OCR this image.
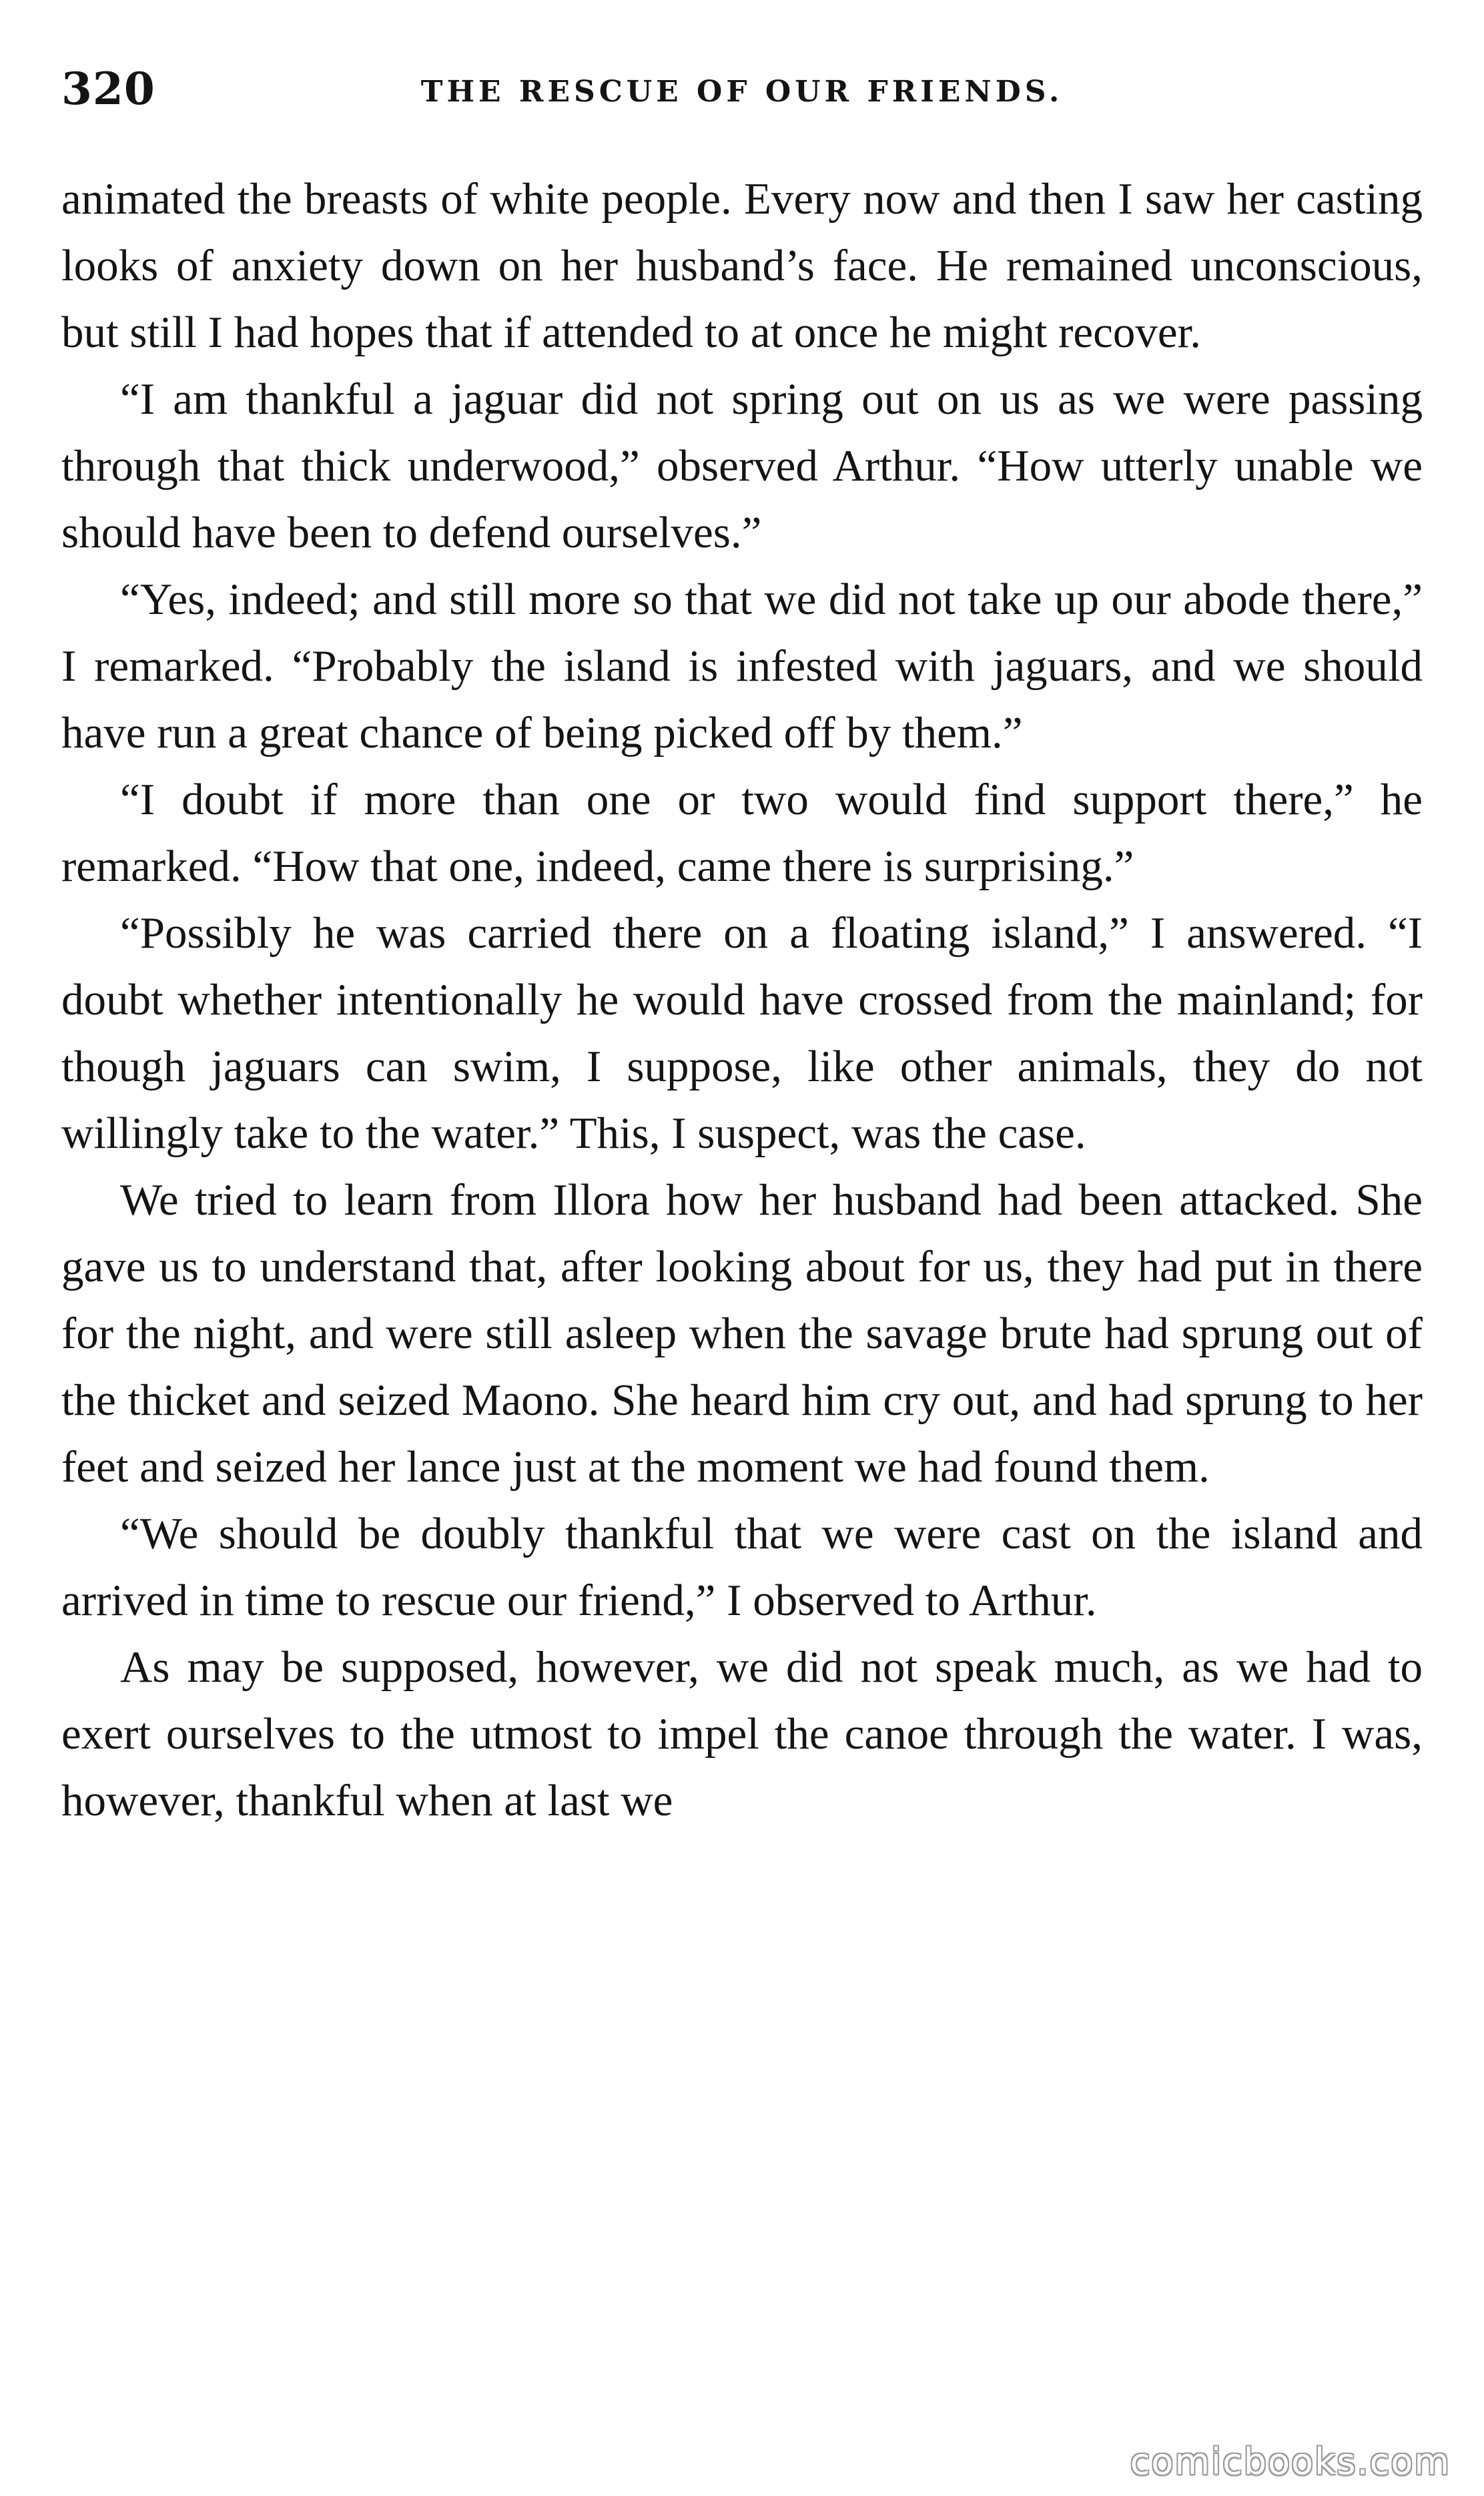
320	THE RESCUE OF OUR FRIENDS.

animated the breasts of white people. Every now and then I saw her casting looks of anxiety down on her husband’s face. He remained unconscious, but still I had hopes that if attended to at once he might recover.

“I am thankful a jaguar did not spring out on us as we were passing through that thick underwood,” observed Arthur. “How utterly unable we should have been to defend ourselves.”

“Yes, indeed; and still more so that we did not take up our abode there,” I remarked. “Probably the island is infested with jaguars, and we should have run a great chance of being picked off by them.”

“I doubt if more than one or two would find support there,” he remarked. “How that one, indeed, came there is surprising.”

“Possibly he was carried there on a floating island,” I answered. “I doubt whether intentionally he would have crossed from the mainland; for though jaguars can swim, I suppose, like other animals, they do not willingly take to the water.” This, I suspect, was the case.

We tried to learn from Illora how her husband had been attacked. She gave us to understand that, after looking about for us, they had put in there for the night, and were still asleep when the savage brute had sprung out of the thicket and seized Maono. She heard him cry out, and had sprung to her feet and seized her lance just at the moment we had found them.

“We should be doubly thankful that we were cast on the island and arrived in time to rescue our friend,” I observed to Arthur.

As may be supposed, however, we did not speak much, as we had to exert ourselves to the utmost to impel the canoe through the water. I was, however, thankful when at last we

comicbooks.com
